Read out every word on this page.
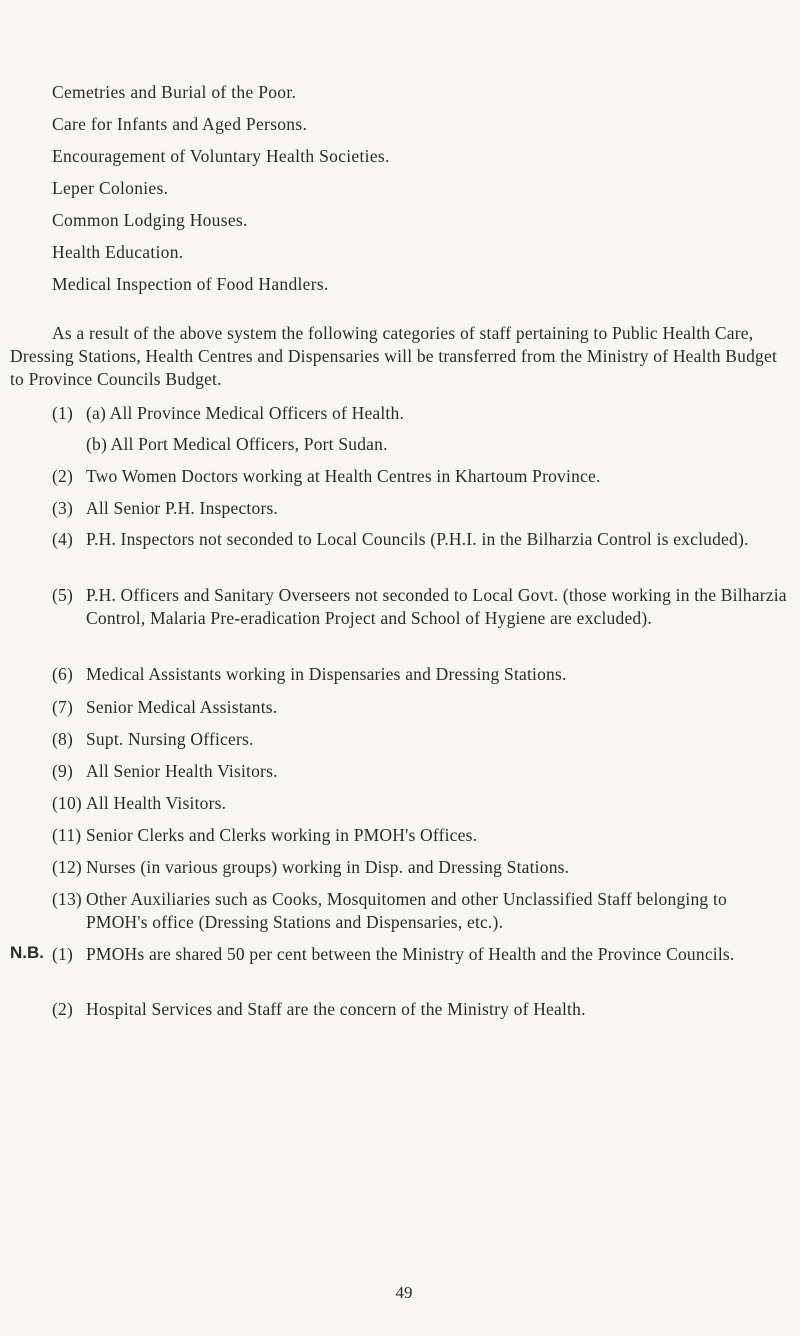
Cemetries and Burial of the Poor.
Care for Infants and Aged Persons.
Encouragement of Voluntary Health Societies.
Leper Colonies.
Common Lodging Houses.
Health Education.
Medical Inspection of Food Handlers.
As a result of the above system the following categories of staff pertaining to Public Health Care, Dressing Stations, Health Centres and Dispensaries will be transferred from the Ministry of Health Budget to Province Councils Budget.
(1) (a) All Province Medical Officers of Health.
(b) All Port Medical Officers, Port Sudan.
(2) Two Women Doctors working at Health Centres in Khartoum Province.
(3) All Senior P.H. Inspectors.
(4) P.H. Inspectors not seconded to Local Councils (P.H.I. in the Bilharzia Control is excluded).
(5) P.H. Officers and Sanitary Overseers not seconded to Local Govt. (those working in the Bilharzia Control, Malaria Pre-eradication Project and School of Hygiene are excluded).
(6) Medical Assistants working in Dispensaries and Dressing Stations.
(7) Senior Medical Assistants.
(8) Supt. Nursing Officers.
(9) All Senior Health Visitors.
(10) All Health Visitors.
(11) Senior Clerks and Clerks working in PMOH's Offices.
(12) Nurses (in various groups) working in Disp. and Dressing Stations.
(13) Other Auxiliaries such as Cooks, Mosquitomen and other Unclassified Staff belonging to PMOH's office (Dressing Stations and Dispensaries, etc.).
N.B. (1) PMOHs are shared 50 per cent between the Ministry of Health and the Province Councils.
(2) Hospital Services and Staff are the concern of the Ministry of Health.
49
